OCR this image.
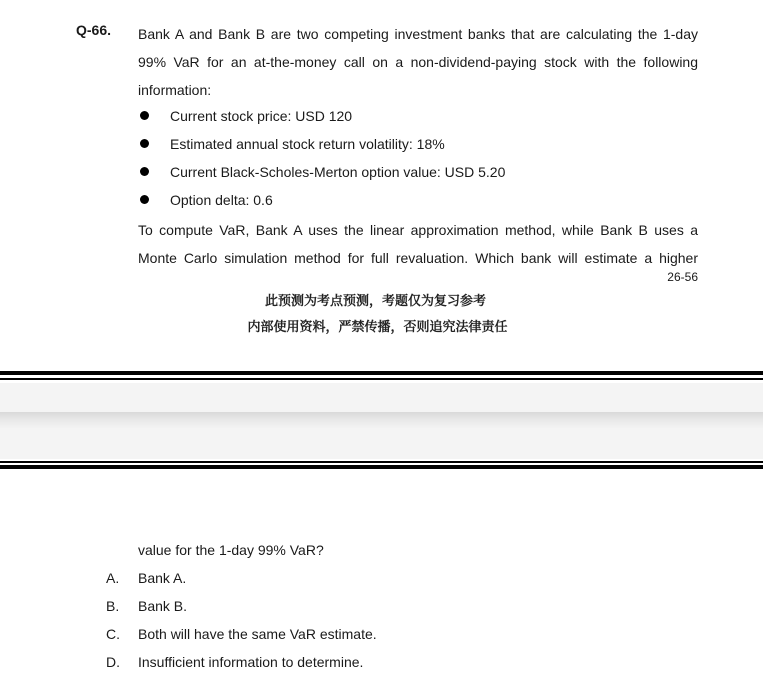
Q-66. Bank A and Bank B are two competing investment banks that are calculating the 1-day 99% VaR for an at-the-money call on a non-dividend-paying stock with the following information:

Current stock price: USD 120
Estimated annual stock return volatility: 18%
Current Black-Scholes-Merton option value: USD 5.20
Option delta: 0.6
To compute VaR, Bank A uses the linear approximation method, while Bank B uses a Monte Carlo simulation method for full revaluation. Which bank will estimate a higher
26-56
此预测为考点预测，考题仅为复习参考
内部使用资料，严禁传播，否则追究法律责任
value for the 1-day 99% VaR?
A. Bank A.
B. Bank B.
C. Both will have the same VaR estimate.
D. Insufficient information to determine.
